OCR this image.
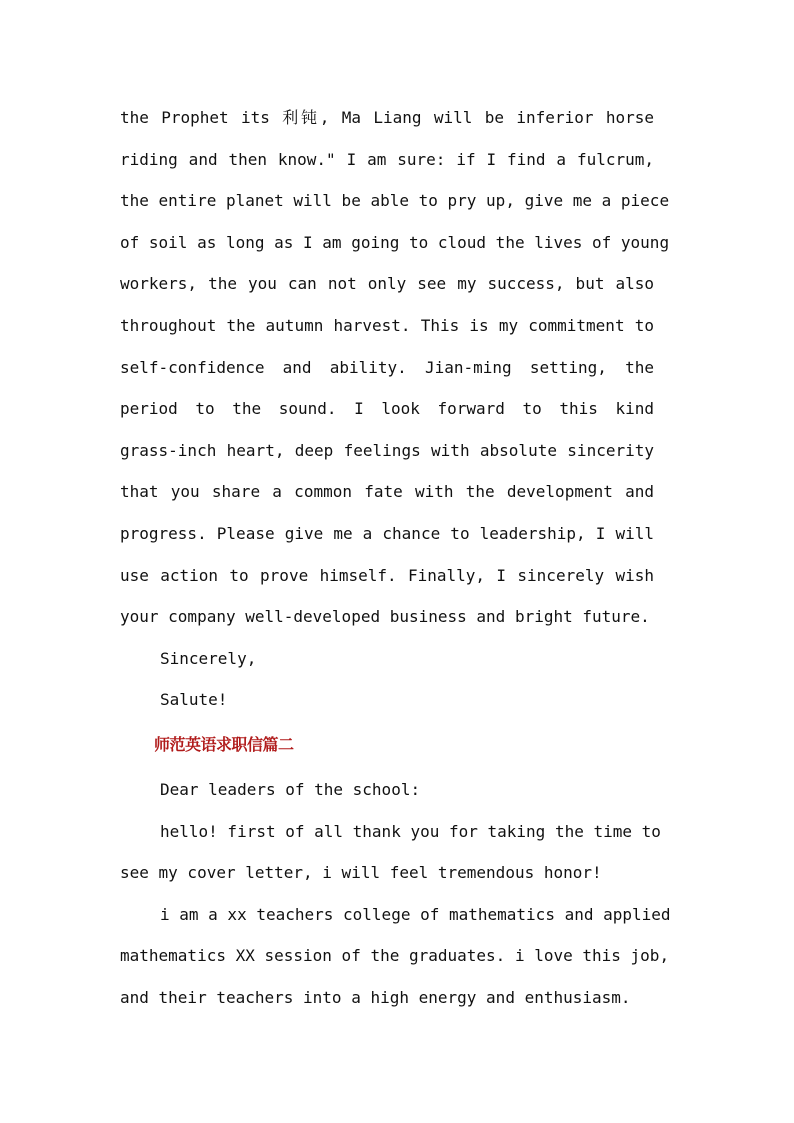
the Prophet its 利钝, Ma Liang will be inferior horse
riding and then know." I am sure: if I find a fulcrum,
the entire planet will be able to pry up, give me a piece
of soil as long as I am going to cloud the lives of young
workers, the you can not only see my success, but also
throughout the autumn harvest. This is my commitment to
self-confidence and ability. Jian-ming setting, the
period to the sound. I look forward to this kind
grass-inch heart, deep feelings with absolute sincerity
that you share a common fate with the development and
progress. Please give me a chance to leadership, I will
use action to prove himself. Finally, I sincerely wish
your company well-developed business and bright future.
Sincerely,
Salute!
师范英语求职信篇二
Dear leaders of the school:
hello! first of all thank you for taking the time to
see my cover letter, i will feel tremendous honor!
i am a xx teachers college of mathematics and applied
mathematics XX session of the graduates. i love this job,
and their teachers into a high energy and enthusiasm.
